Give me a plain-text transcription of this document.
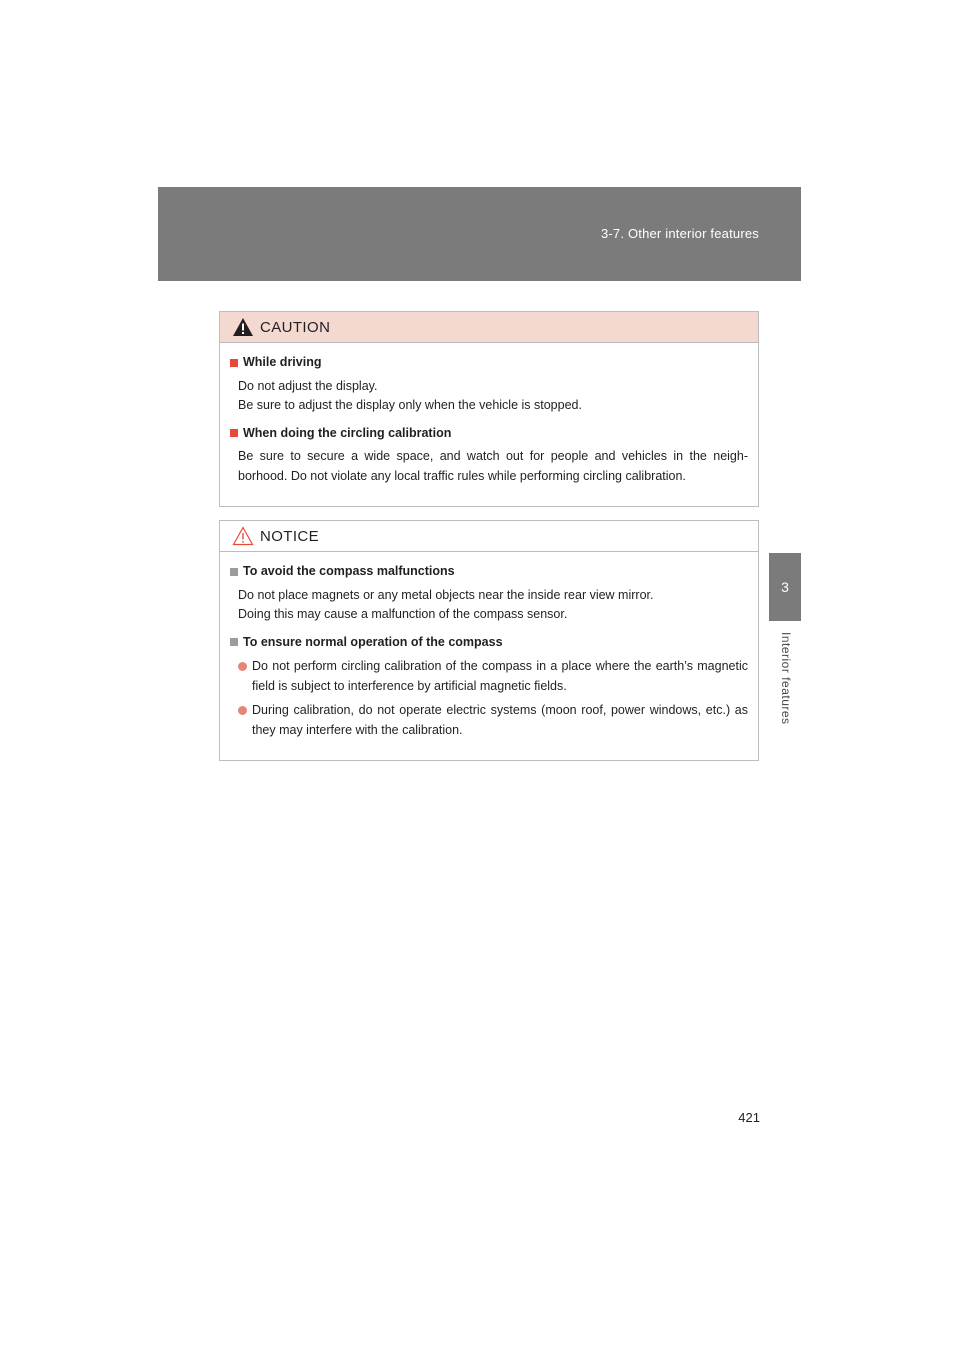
3-7. Other interior features
3
Interior features
CAUTION
While driving
Do not adjust the display.
Be sure to adjust the display only when the vehicle is stopped.
When doing the circling calibration
Be sure to secure a wide space, and watch out for people and vehicles in the neigh- borhood. Do not violate any local traffic rules while performing circling calibration.
NOTICE
To avoid the compass malfunctions
Do not place magnets or any metal objects near the inside rear view mirror.
Doing this may cause a malfunction of the compass sensor.
To ensure normal operation of the compass
Do not perform circling calibration of the compass in a place where the earth’s magnetic field is subject to interference by artificial magnetic fields.
During calibration, do not operate electric systems (moon roof, power windows, etc.) as they may interfere with the calibration.
421
